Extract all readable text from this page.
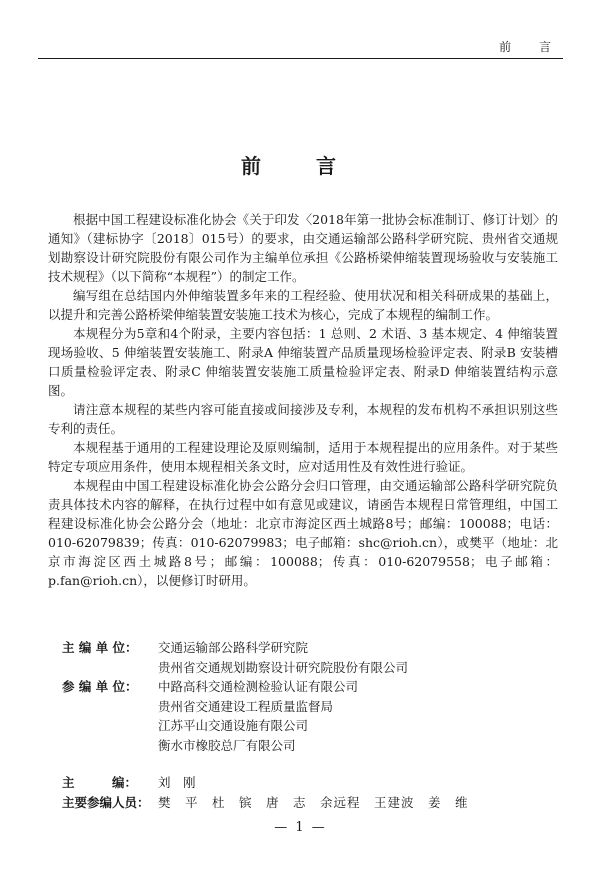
前 言
前 言

根据中国工程建设标准化协会《关于印发〈2018年第一批协会标准制订、修订计划〉的通知》（建标协字〔2018〕015号）的要求，由交通运输部公路科学研究院、贵州省交通规划勘察设计研究院股份有限公司作为主编单位承担《公路桥梁伸缩装置现场验收与安装施工技术规程》（以下简称“本规程”）的制定工作。

编写组在总结国内外伸缩装置多年来的工程经验、使用状况和相关科研成果的基础上，以提升和完善公路桥梁伸缩装置安装施工技术为核心，完成了本规程的编制工作。

本规程分为5章和4个附录，主要内容包括：1 总则、2 术语、3 基本规定、4 伸缩装置现场验收、5 伸缩装置安装施工、附录A 伸缩装置产品质量现场检验评定表、附录B 安装槽口质量检验评定表、附录C 伸缩装置安装施工质量检验评定表、附录D 伸缩装置结构示意图。

请注意本规程的某些内容可能直接或间接涉及专利，本规程的发布机构不承担识别这些专利的责任。

本规程基于通用的工程建设理论及原则编制，适用于本规程提出的应用条件。对于某些特定专项应用条件，使用本规程相关条文时，应对适用性及有效性进行验证。

本规程由中国工程建设标准化协会公路分会归口管理，由交通运输部公路科学研究院负责具体技术内容的解释，在执行过程中如有意见或建议，请函告本规程日常管理组，中国工程建设标准化协会公路分会（地址：北京市海淀区西土城路8号；邮编：100088；电话：010-62079839；传真：010-62079983；电子邮箱：shc@rioh.cn），或樊平（地址：北京市海淀区西土城路8号；邮编：100088；传真：010-62079558；电子邮箱：p.fan@rioh.cn），以便修订时研用。

主 编 单 位：	交通运输部公路科学研究院
贵州省交通规划勘察设计研究院股份有限公司
参 编 单 位：	中路高科交通检测检验认证有限公司
贵州省交通建设工程质量监督局
江苏平山交通设施有限公司
衡水市橡胶总厂有限公司
主　　　编：	刘　刚
主要参编人员： 樊　平　杜　镔　唐　志　余远程　王建波　姜　维
— 1 —
